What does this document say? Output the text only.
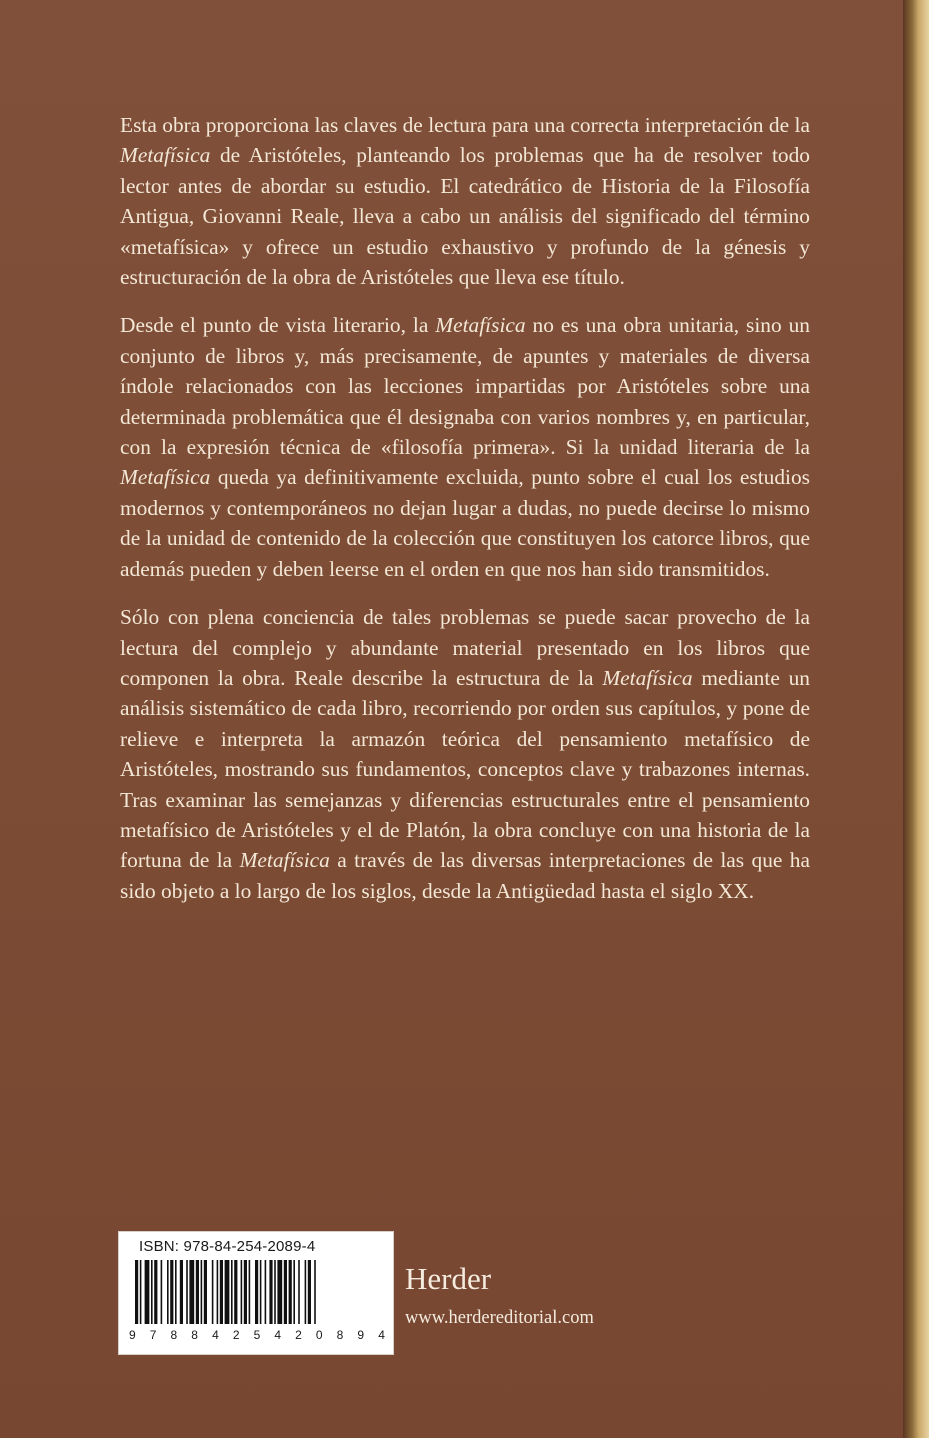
Esta obra proporciona las claves de lectura para una correcta interpretación de la Metafísica de Aristóteles, planteando los problemas que ha de resolver todo lector antes de abordar su estudio. El catedrático de Historia de la Filosofía Antigua, Giovanni Reale, lleva a cabo un análisis del significado del término «metafísica» y ofrece un estudio exhaustivo y profundo de la génesis y estructuración de la obra de Aristóteles que lleva ese título.

Desde el punto de vista literario, la Metafísica no es una obra unitaria, sino un conjunto de libros y, más precisamente, de apuntes y materiales de diversa índole relacionados con las lecciones impartidas por Aristóteles sobre una determinada problemática que él designaba con varios nombres y, en particular, con la expresión técnica de «filosofía primera». Si la unidad literaria de la Metafísica queda ya definitivamente excluida, punto sobre el cual los estudios modernos y contemporáneos no dejan lugar a dudas, no puede decirse lo mismo de la unidad de contenido de la colección que constituyen los catorce libros, que además pueden y deben leerse en el orden en que nos han sido transmitidos.

Sólo con plena conciencia de tales problemas se puede sacar provecho de la lectura del complejo y abundante material presentado en los libros que componen la obra. Reale describe la estructura de la Metafísica mediante un análisis sistemático de cada libro, recorriendo por orden sus capítulos, y pone de relieve e interpreta la armazón teórica del pensamiento metafísico de Aristóteles, mostrando sus fundamentos, conceptos clave y trabazones internas. Tras examinar las semejanzas y diferencias estructurales entre el pensamiento metafísico de Aristóteles y el de Platón, la obra concluye con una historia de la fortuna de la Metafísica a través de las diversas interpretaciones de las que ha sido objeto a lo largo de los siglos, desde la Antigüedad hasta el siglo XX.

ISBN: 978-84-254-2089-4
9 7 8 8 4 2 5 4 2 0 8 9 4
Herder
www.herdereditorial.com
